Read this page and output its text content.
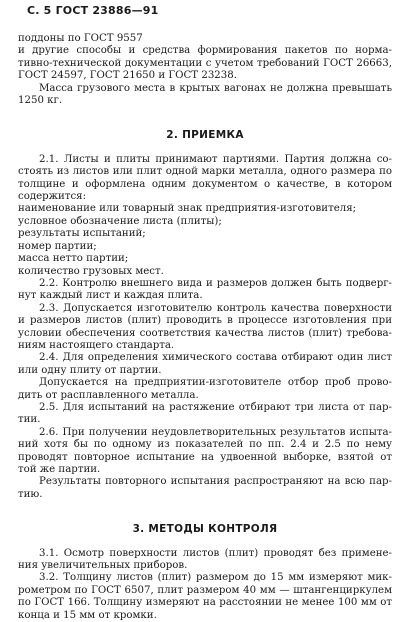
С. 5 ГОСТ 23886—91

поддоны по ГОСТ 9557

и другие способы и средства формирования пакетов по норма-тивно-технической документации с учетом требований ГОСТ 26663, ГОСТ 24597, ГОСТ 21650 и ГОСТ 23238.

Масса грузового места в крытых вагонах не должна превышать 1250 кг.

2. ПРИЕМКА

2.1. Листы и плиты принимают партиями. Партия должна со-стоять из листов или плит одной марки металла, одного размера по толщине и оформлена одним документом о качестве, в котором содержится:

наименование или товарный знак предприятия-изготовителя;

условное обозначение листа (плиты);

результаты испытаний;

номер партии;

масса нетто партии;

количество грузовых мест.

2.2. Контролю внешнего вида и размеров должен быть подверг-нут каждый лист и каждая плита.

2.3. Допускается изготовителю контроль качества поверхности и размеров листов (плит) проводить в процессе изготовления при условии обеспечения соответствия качества листов (плит) требова-ниям настоящего стандарта.

2.4. Для определения химического состава отбирают один лист или одну плиту от партии.

Допускается на предприятии-изготовителе отбор проб прово-дить от расплавленного металла.

2.5. Для испытаний на растяжение отбирают три листа от пар-тии.

2.6. При получении неудовлетворительных результатов испыта-ний хотя бы по одному из показателей по пп. 2.4 и 2.5 по нему проводят повторное испытание на удвоенной выборке, взятой от той же партии.

Результаты повторного испытания распространяют на всю пар-тию.

3. МЕТОДЫ КОНТРОЛЯ

3.1. Осмотр поверхности листов (плит) проводят без примене-ния увеличительных приборов.

3.2. Толщину листов (плит) размером до 15 мм измеряют мик-рометром по ГОСТ 6507, плит размером 40 мм — штангенциркулем по ГОСТ 166. Толщину измеряют на расстоянии не менее 100 мм от конца и 15 мм от кромки.
